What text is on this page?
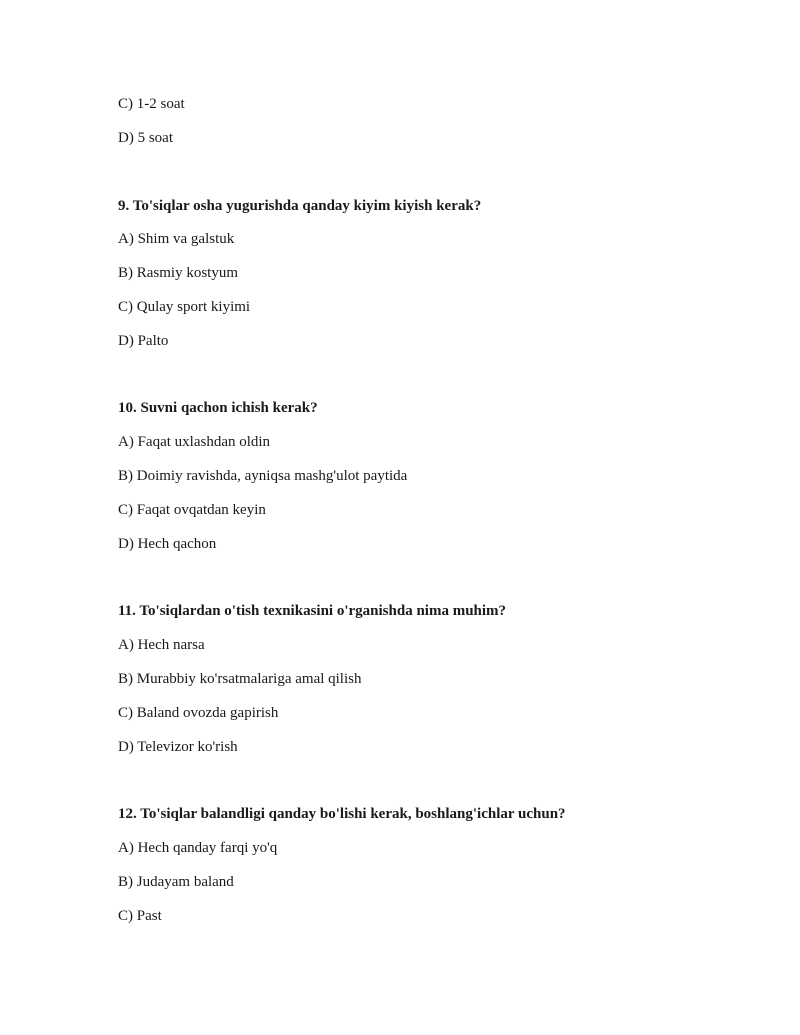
C) 1-2 soat
D) 5 soat
9. To'siqlar osha yugurishda qanday kiyim kiyish kerak?
A) Shim va galstuk
B) Rasmiy kostyum
C) Qulay sport kiyimi
D) Palto
10. Suvni qachon ichish kerak?
A) Faqat uxlashdan oldin
B) Doimiy ravishda, ayniqsa mashg'ulot paytida
C) Faqat ovqatdan keyin
D) Hech qachon
11. To'siqlardan o'tish texnikasini o'rganishda nima muhim?
A) Hech narsa
B) Murabbiy ko'rsatmalariga amal qilish
C) Baland ovozda gapirish
D) Televizor ko'rish
12. To'siqlar balandligi qanday bo'lishi kerak, boshlang'ichlar uchun?
A) Hech qanday farqi yo'q
B) Judayam baland
C) Past
